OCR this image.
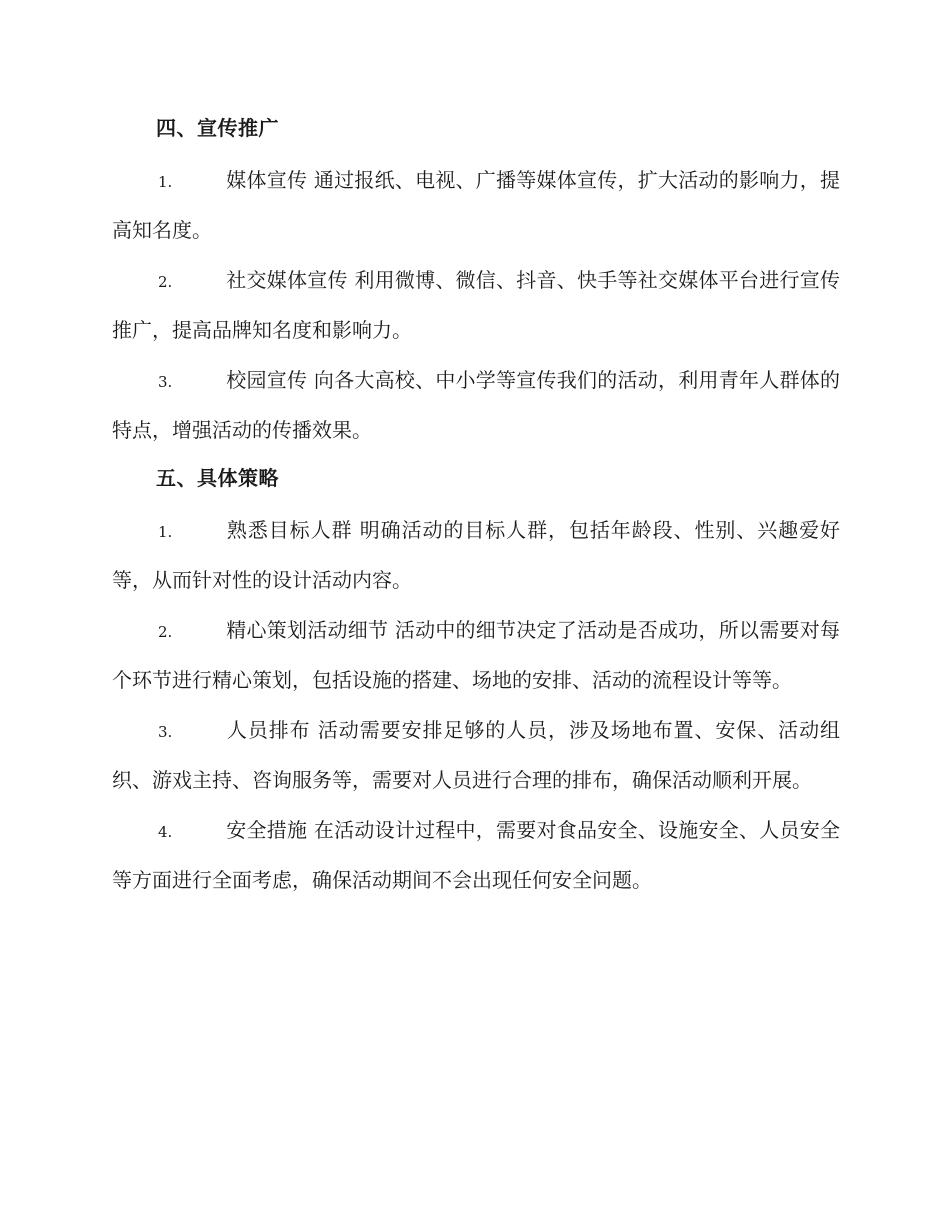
四、宣传推广

1.	媒体宣传 通过报纸、电视、广播等媒体宣传，扩大活动的影响力，提高知名度。

2.	社交媒体宣传 利用微博、微信、抖音、快手等社交媒体平台进行宣传推广，提高品牌知名度和影响力。

3.	校园宣传 向各大高校、中小学等宣传我们的活动，利用青年人群体的特点，增强活动的传播效果。

五、具体策略

1.	熟悉目标人群 明确活动的目标人群，包括年龄段、性别、兴趣爱好等，从而针对性的设计活动内容。

2.	精心策划活动细节 活动中的细节决定了活动是否成功，所以需要对每个环节进行精心策划，包括设施的搭建、场地的安排、活动的流程设计等等。

3.	人员排布 活动需要安排足够的人员，涉及场地布置、安保、活动组织、游戏主持、咨询服务等，需要对人员进行合理的排布，确保活动顺利开展。

4.	安全措施 在活动设计过程中，需要对食品安全、设施安全、人员安全等方面进行全面考虑，确保活动期间不会出现任何安全问题。
